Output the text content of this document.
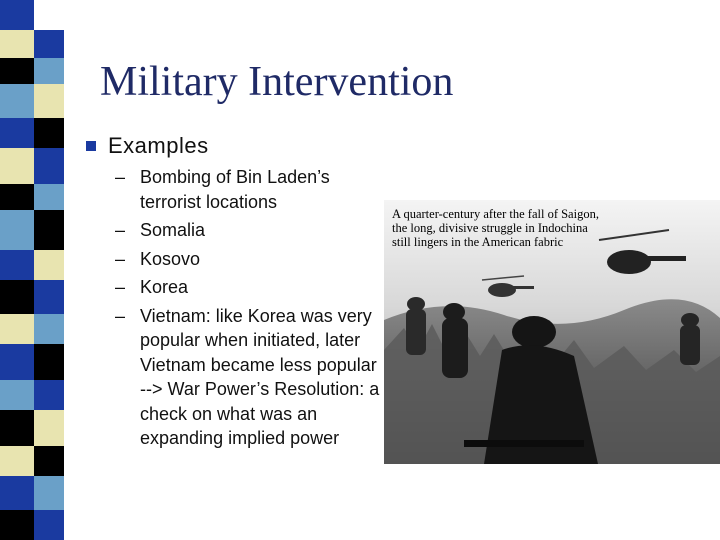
Military Intervention
Examples
– Bombing of Bin Laden’s terrorist locations
– Somalia
– Kosovo
– Korea
– Vietnam: like Korea was very popular when initiated, later Vietnam became less popular --> War Power’s Resolution: a check on what was an expanding implied power
A quarter-century after the fall of Saigon,
the long, divisive struggle in Indochina
still lingers in the American fabric
